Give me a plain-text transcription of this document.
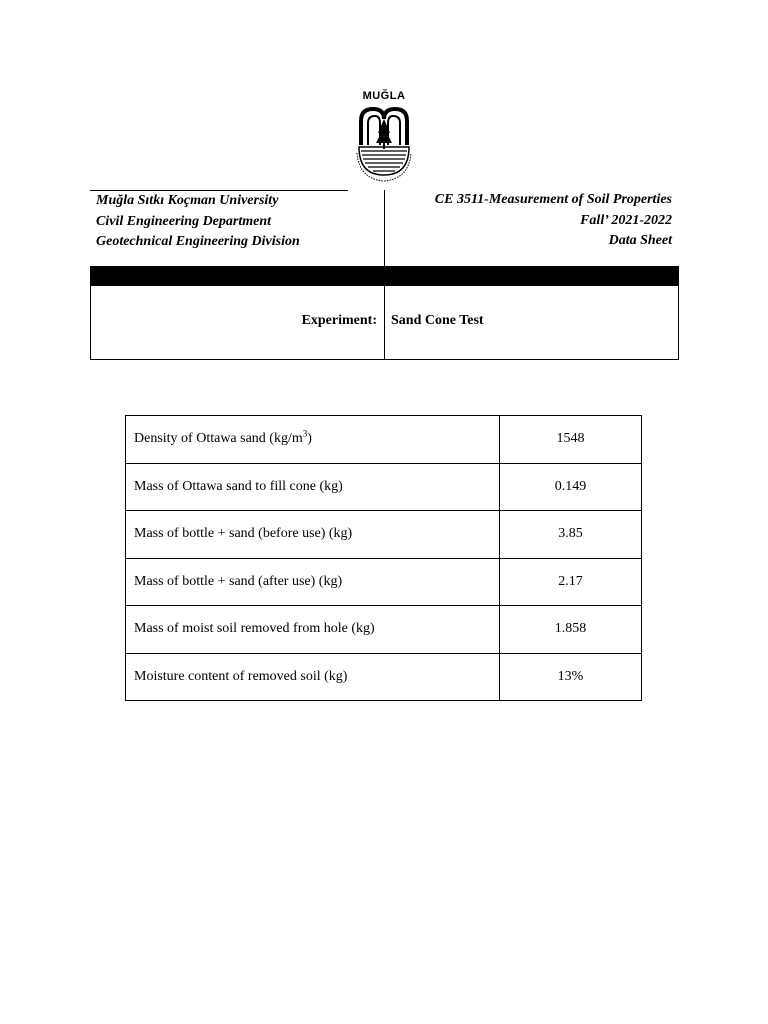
MUĞLA
Muğla Sıtkı Koçman University
Civil Engineering Department
Geotechnical Engineering Division
CE 3511-Measurement of Soil Properties
Fall’ 2021-2022
Data Sheet
Experiment: Sand Cone Test
Density of Ottawa sand $(kg/m^3)$	1548
Mass of Ottawa sand to fill cone (kg)	0.149
Mass of bottle + sand (before use) (kg)	3.85
Mass of bottle + sand (after use) (kg)	2.17
Mass of moist soil removed from hole (kg)	1.858
Moisture content of removed soil (kg)	13%
